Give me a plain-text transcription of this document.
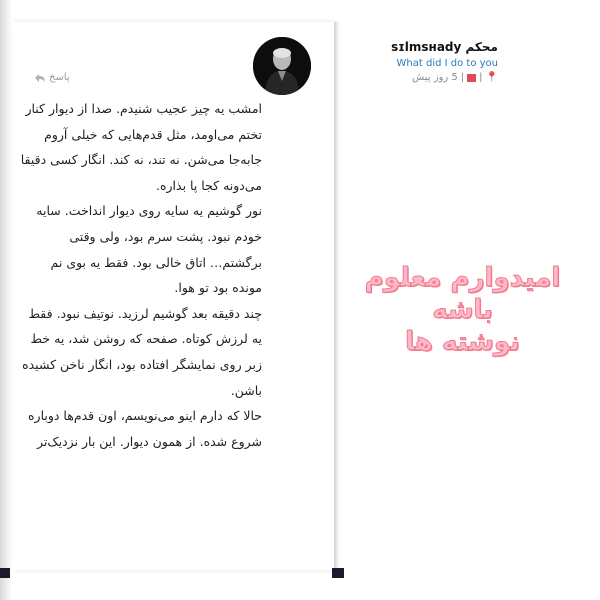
محکم sɪlmsнadу
What did I do to you
📍
|
|
5 روز پیش
پاسخ

امشب یه چیز عجیب شنیدم. صدا از دیوار کنار تختم می‌اومد، مثل قدم‌هایی که خیلی آروم جابه‌جا می‌شن. نه تند، نه کند. انگار کسی دقیقا می‌دونه کجا پا بذاره.

نور گوشیم یه سایه روی دیوار انداخت. سایه خودم نبود. پشت سرم بود، ولی وقتی برگشتم… اتاق خالی بود. فقط یه بوی نم مونده بود تو هوا.

چند دقیقه بعد گوشیم لرزید. نوتیف نبود. فقط یه لرزش کوتاه. صفحه که روشن شد، یه خط زبر روی نمایشگر افتاده بود، انگار ناخن کشیده باشن.

حالا که دارم اینو می‌نویسم، اون قدم‌ها دوباره شروع شده. از همون دیوار. این بار نزدیک‌تر

امیدوارم معلوم باشه
نوشته ها
